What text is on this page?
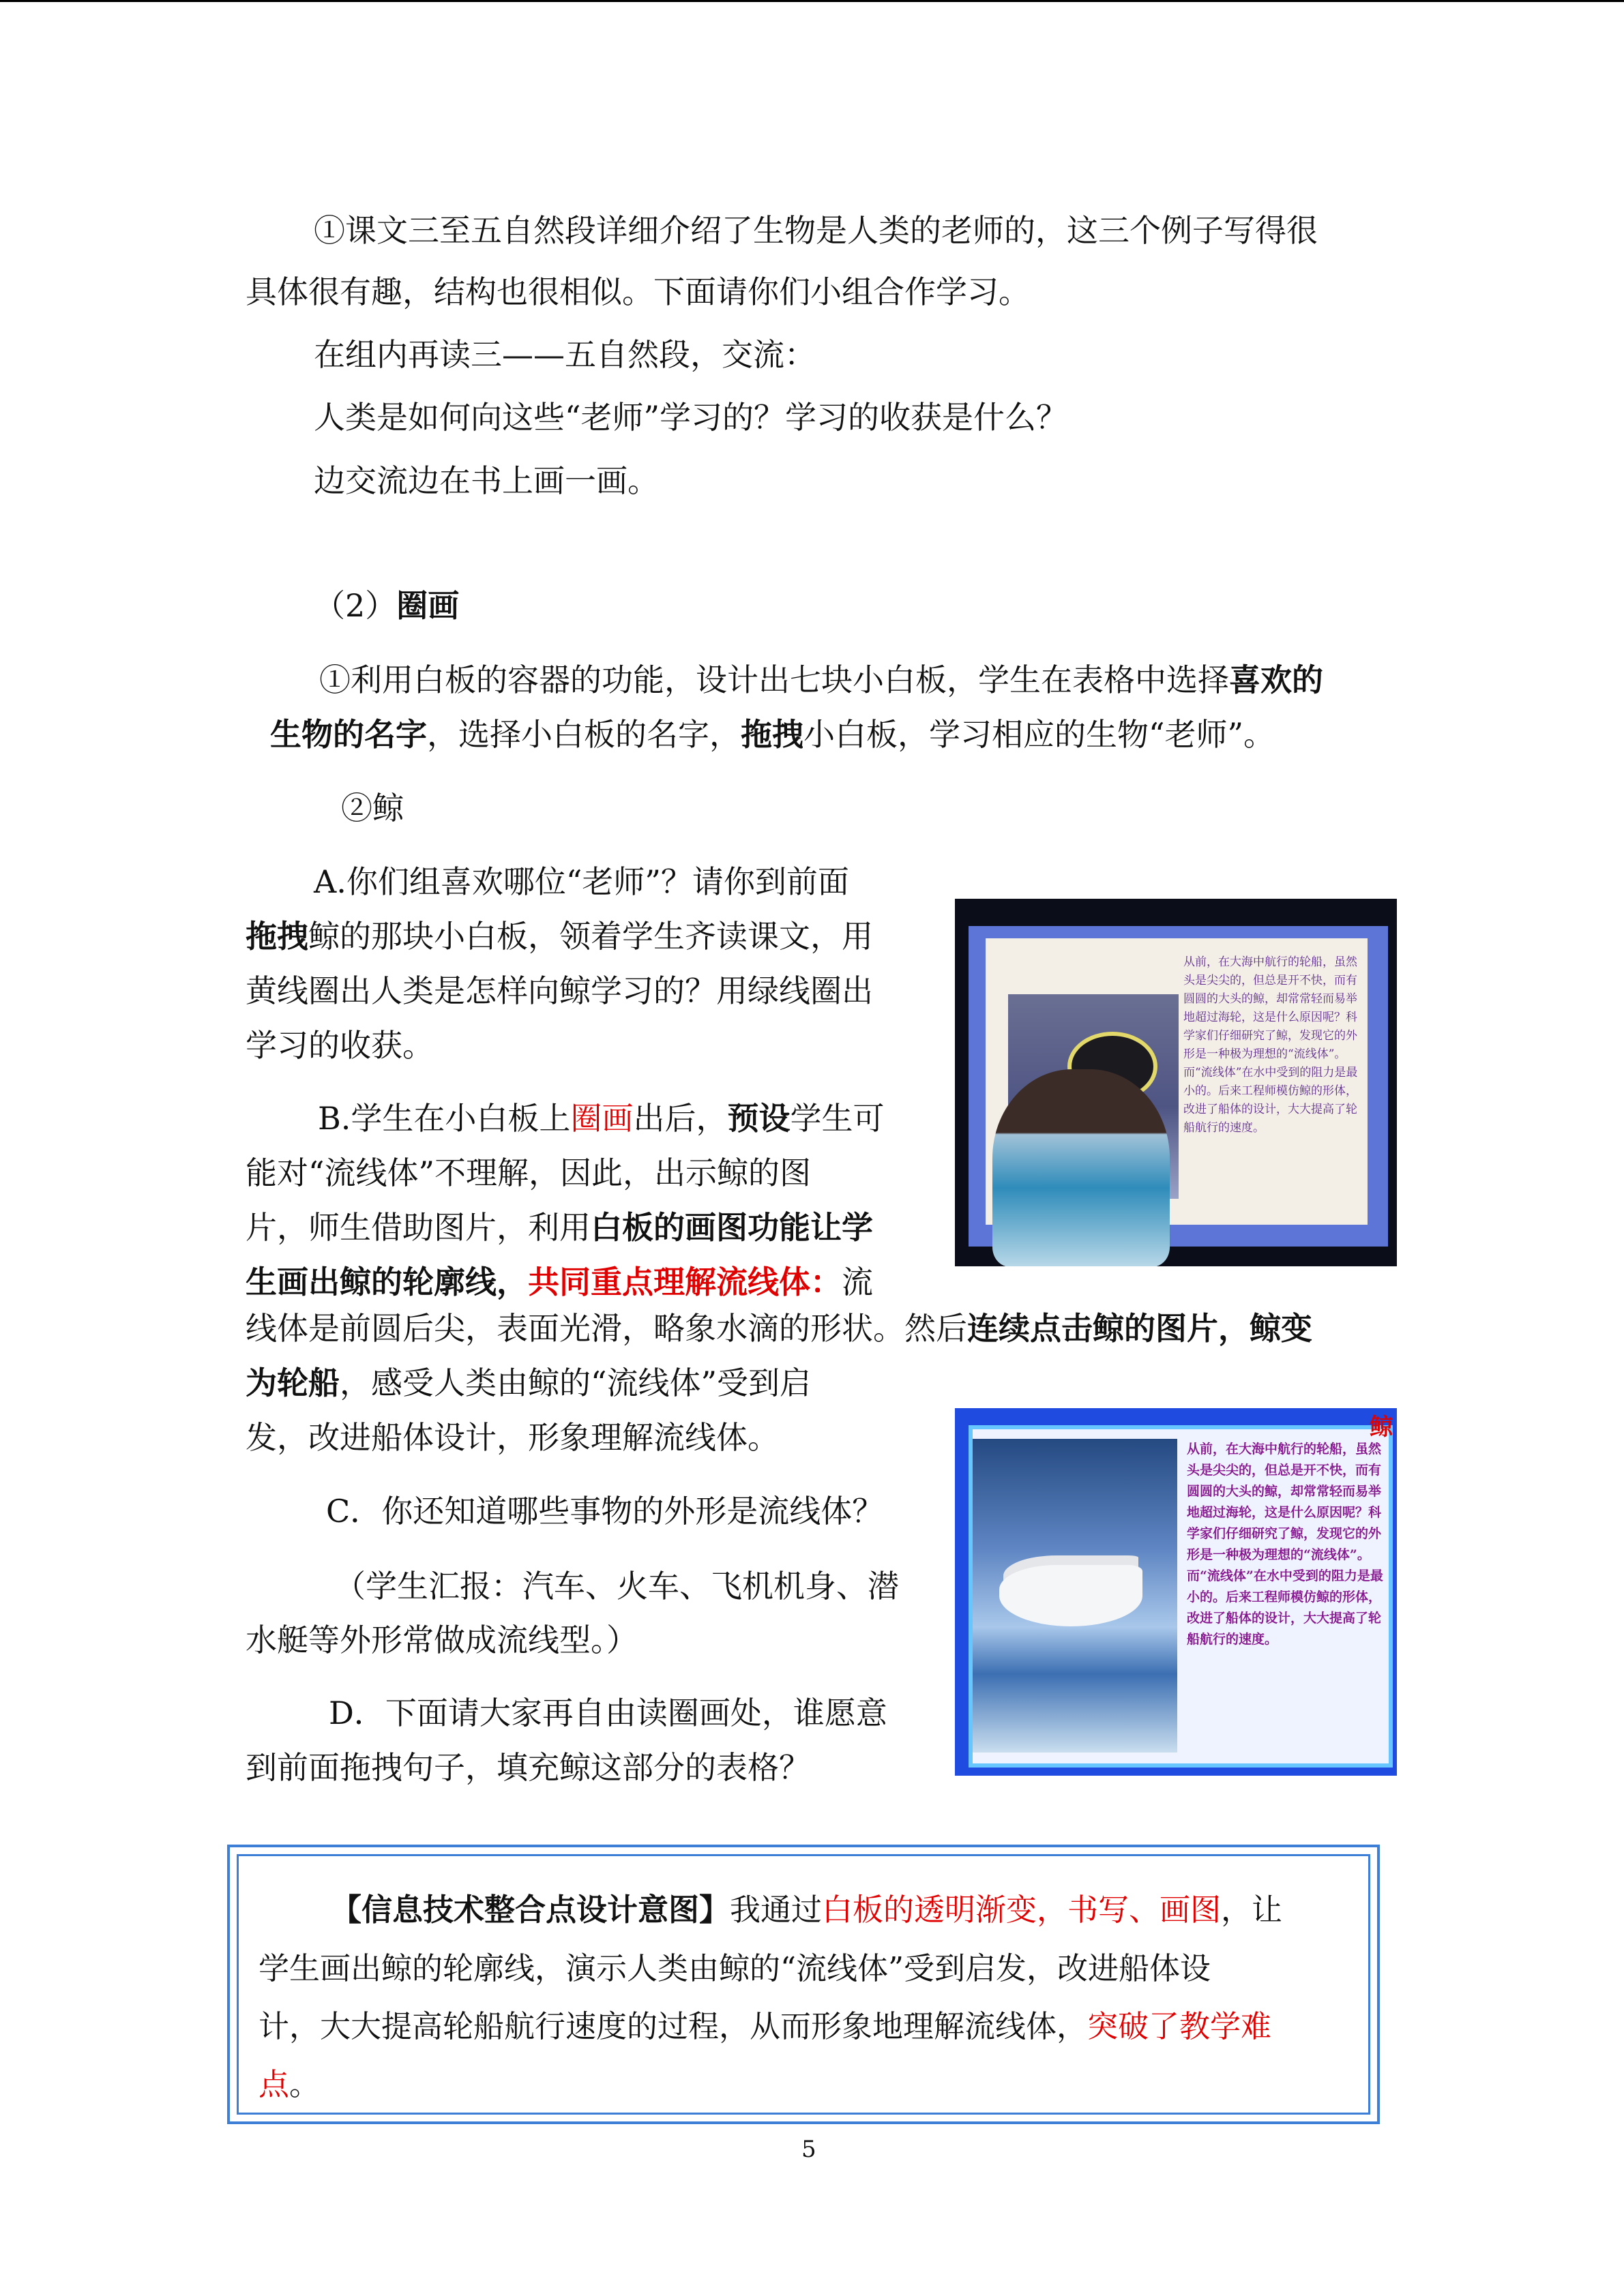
①课文三至五自然段详细介绍了生物是人类的老师的，这三个例子写得很
具体很有趣，结构也很相似。下面请你们小组合作学习。
在组内再读三——五自然段，交流：
人类是如何向这些“老师”学习的？学习的收获是什么？
边交流边在书上画一画。
（2）圈画
①利用白板的容器的功能，设计出七块小白板，学生在表格中选择喜欢的
生物的名字，选择小白板的名字，拖拽小白板，学习相应的生物“老师”。
②鲸
A.你们组喜欢哪位“老师”？请你到前面
拖拽鲸的那块小白板，领着学生齐读课文，用
黄线圈出人类是怎样向鲸学习的？用绿线圈出
学习的收获。
B.学生在小白板上圈画出后，预设学生可
能对“流线体”不理解，因此，出示鲸的图
片，师生借助图片，利用白板的画图功能让学
生画出鲸的轮廓线，共同重点理解流线体：流
线体是前圆后尖，表面光滑，略象水滴的形状。然后连续点击鲸的图片，鲸变
为轮船，感受人类由鲸的“流线体”受到启
发，改进船体设计，形象理解流线体。
C．你还知道哪些事物的外形是流线体？
（学生汇报：汽车、火车、飞机机身、潜
水艇等外形常做成流线型。）
D．下面请大家再自由读圈画处，谁愿意
到前面拖拽句子，填充鲸这部分的表格？
从前，在大海中航行的轮船，虽然头是尖尖的，但总是开不快，而有圆圆的大头的鲸，却常常轻而易举地超过海轮，这是什么原因呢？科学家们仔细研究了鲸，发现它的外形是一种极为理想的“流线体”。而“流线体”在水中受到的阻力是最小的。后来工程师模仿鲸的形体，改进了船体的设计，大大提高了轮船航行的速度。
从前，在大海中航行的轮船，虽然头是尖尖的，但总是开不快，而有圆圆的大头的鲸，却常常轻而易举地超过海轮，这是什么原因呢？科学家们仔细研究了鲸，发现它的外形是一种极为理想的“流线体”。而“流线体”在水中受到的阻力是最小的。后来工程师模仿鲸的形体，改进了船体的设计，大大提高了轮船航行的速度。
鲸
【信息技术整合点设计意图】我通过白板的透明渐变，书写、画图，让
学生画出鲸的轮廓线，演示人类由鲸的“流线体”受到启发，改进船体设
计，大大提高轮船航行速度的过程，从而形象地理解流线体，突破了教学难
点。
5
